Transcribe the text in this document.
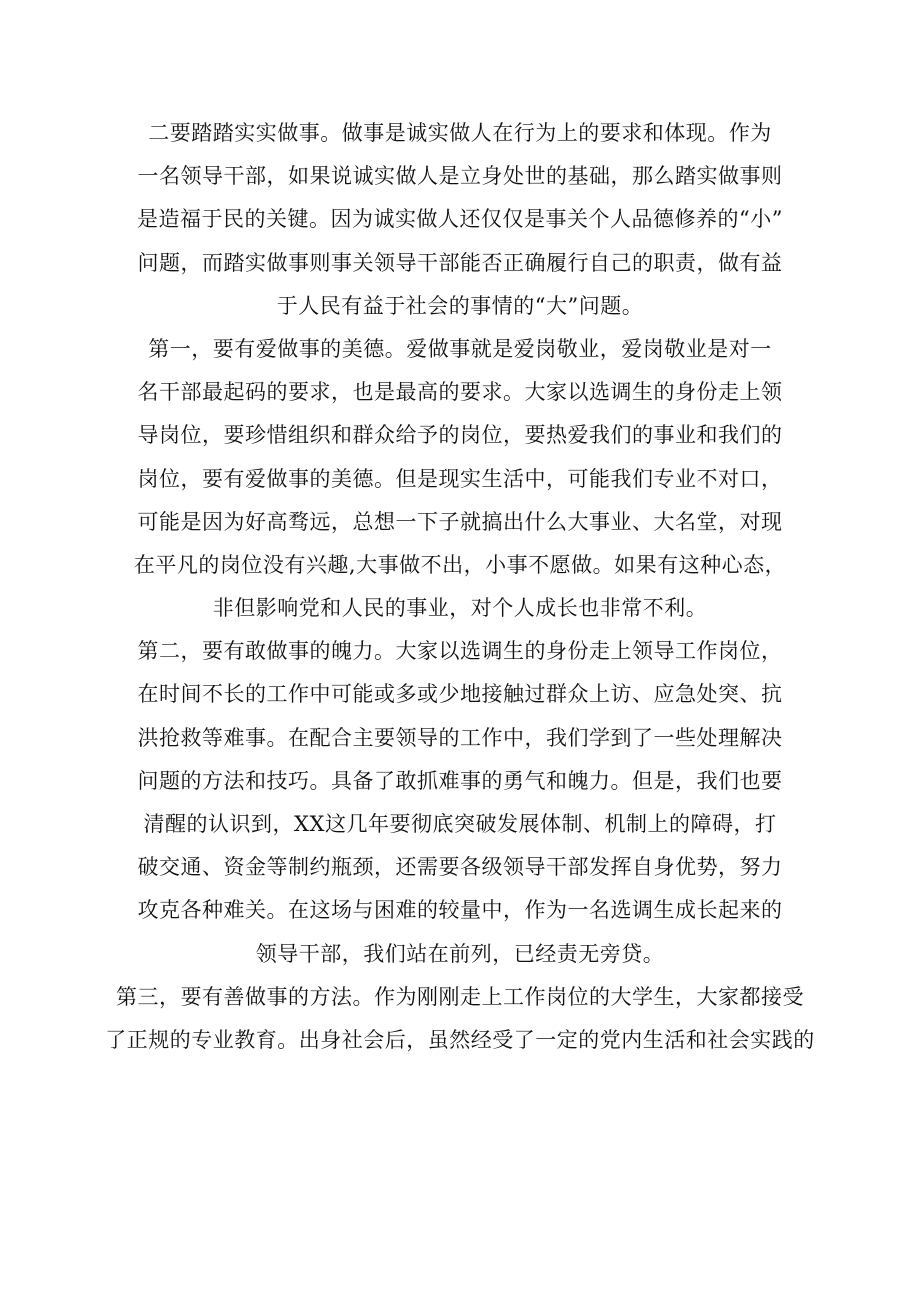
二要踏踏实实做事。做事是诚实做人在行为上的要求和体现。作为
一名领导干部，如果说诚实做人是立身处世的基础，那么踏实做事则
是造福于民的关键。因为诚实做人还仅仅是事关个人品德修养的“小”
问题，而踏实做事则事关领导干部能否正确履行自己的职责，做有益
于人民有益于社会的事情的“大”问题。
第一，要有爱做事的美德。爱做事就是爱岗敬业，爱岗敬业是对一
名干部最起码的要求，也是最高的要求。大家以选调生的身份走上领
导岗位，要珍惜组织和群众给予的岗位，要热爱我们的事业和我们的
岗位，要有爱做事的美德。但是现实生活中，可能我们专业不对口，
可能是因为好高骛远，总想一下子就搞出什么大事业、大名堂，对现
在平凡的岗位没有兴趣,大事做不出，小事不愿做。如果有这种心态，
非但影响党和人民的事业，对个人成长也非常不利。
第二，要有敢做事的魄力。大家以选调生的身份走上领导工作岗位，
在时间不长的工作中可能或多或少地接触过群众上访、应急处突、抗
洪抢救等难事。在配合主要领导的工作中，我们学到了一些处理解决
问题的方法和技巧。具备了敢抓难事的勇气和魄力。但是，我们也要
清醒的认识到，XX这几年要彻底突破发展体制、机制上的障碍，打
破交通、资金等制约瓶颈，还需要各级领导干部发挥自身优势，努力
攻克各种难关。在这场与困难的较量中，作为一名选调生成长起来的
领导干部，我们站在前列，已经责无旁贷。
第三，要有善做事的方法。作为刚刚走上工作岗位的大学生，大家都接受
了正规的专业教育。出身社会后，虽然经受了一定的党内生活和社会实践的
